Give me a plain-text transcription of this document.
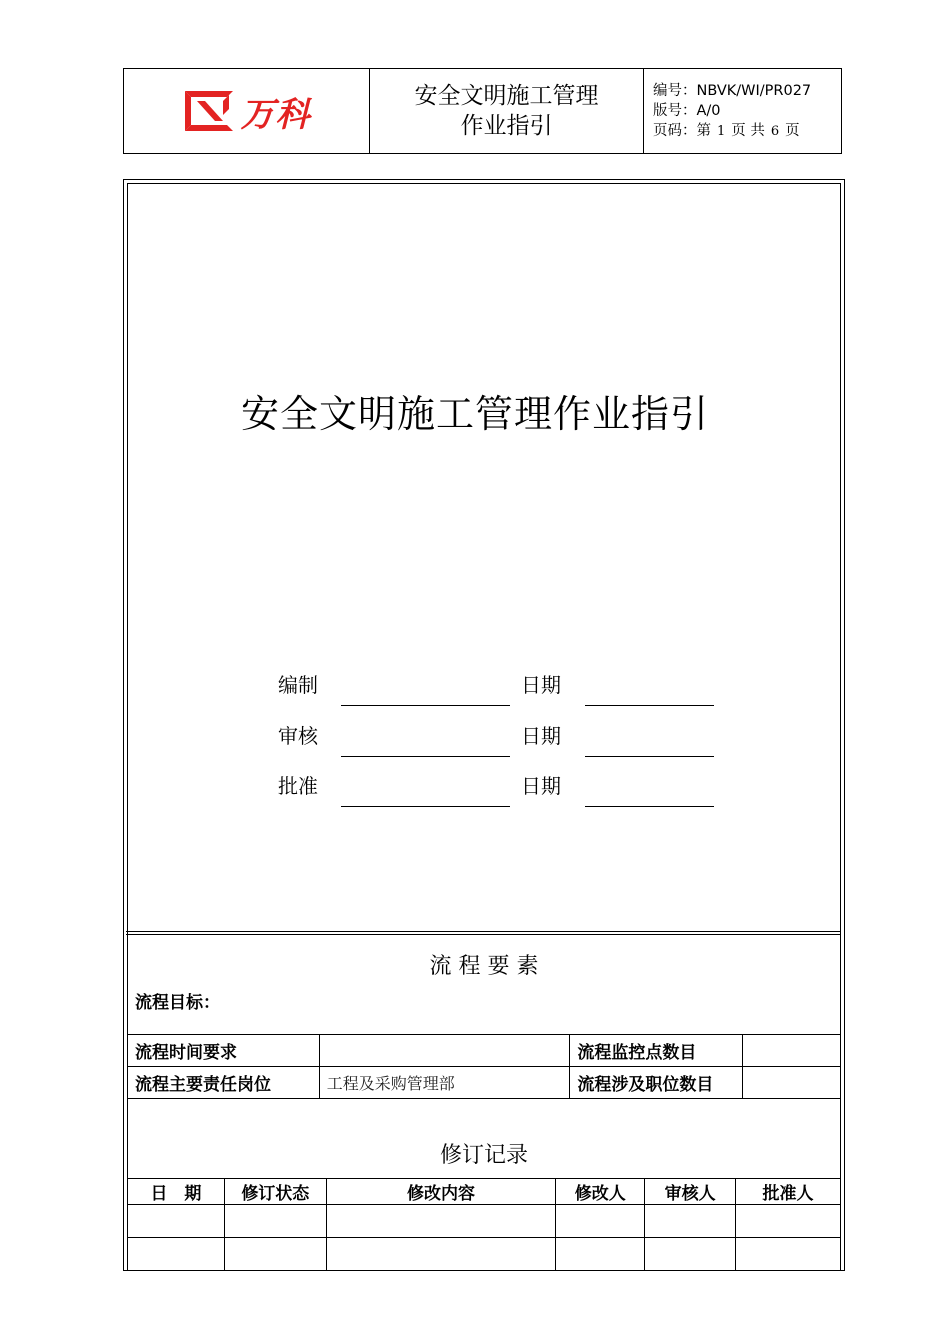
万科	安全文明施工管理
作业指引
编号：NBVK/WI/PR027
版号：A/0
页码：第 1 页 共 6 页
安全文明施工管理作业指引
编制	日期
审核	日期
批准	日期
流 程 要 素
流程目标：
流程时间要求		流程监控点数目	
流程主要责任岗位	工程及采购管理部	流程涉及职位数目	
修订记录
日　期	修订状态	修改内容	修改人	审核人	批准人
